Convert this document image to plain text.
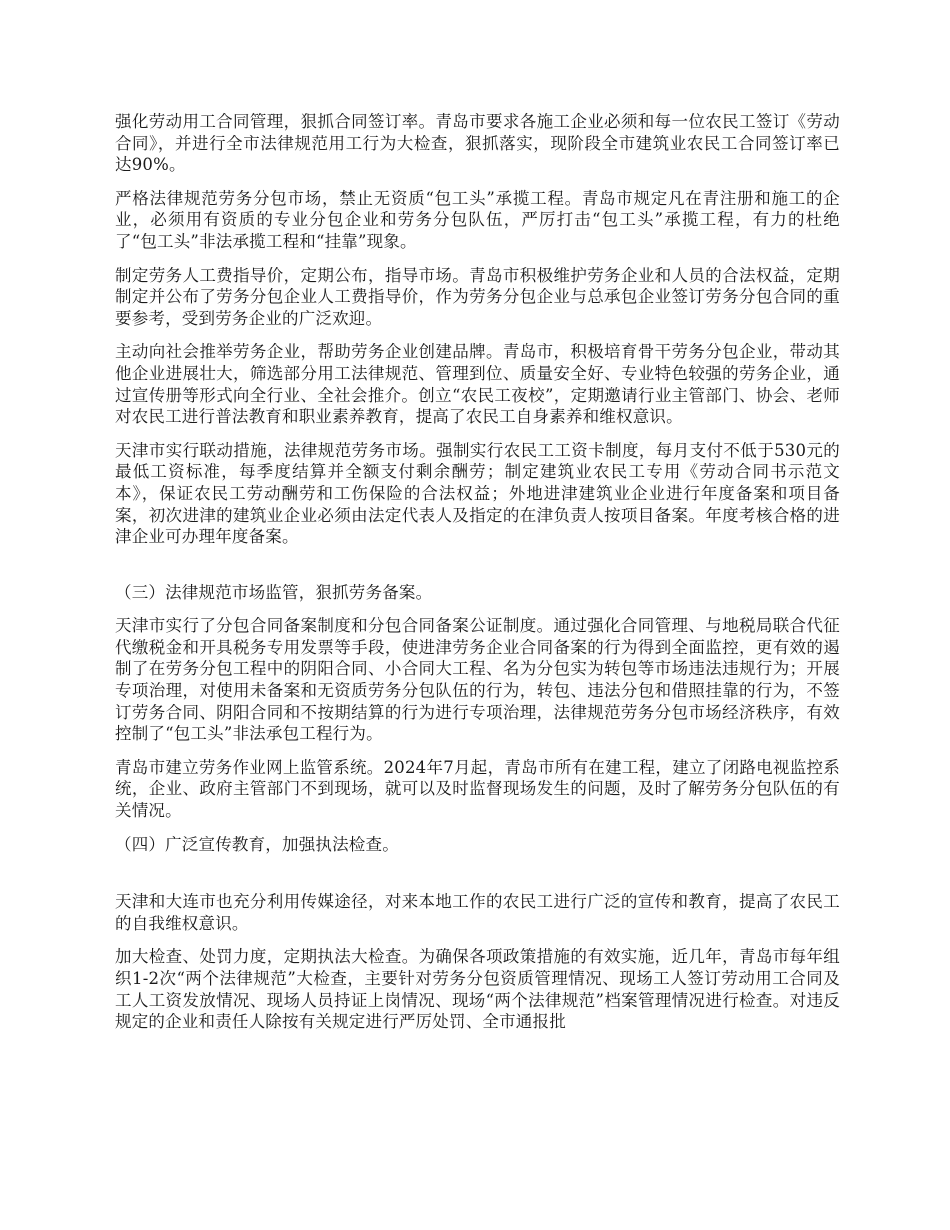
强化劳动用工合同管理，狠抓合同签订率。青岛市要求各施工企业必须和每一位农民工签订《劳动合同》，并进行全市法律规范用工行为大检查，狠抓落实，现阶段全市建筑业农民工合同签订率已达90%。

严格法律规范劳务分包市场，禁止无资质“包工头”承揽工程。青岛市规定凡在青注册和施工的企业，必须用有资质的专业分包企业和劳务分包队伍，严厉打击“包工头”承揽工程，有力的杜绝了“包工头”非法承揽工程和“挂靠”现象。

制定劳务人工费指导价，定期公布，指导市场。青岛市积极维护劳务企业和人员的合法权益，定期制定并公布了劳务分包企业人工费指导价，作为劳务分包企业与总承包企业签订劳务分包合同的重要参考，受到劳务企业的广泛欢迎。

主动向社会推举劳务企业，帮助劳务企业创建品牌。青岛市，积极培育骨干劳务分包企业，带动其他企业进展壮大，筛选部分用工法律规范、管理到位、质量安全好、专业特色较强的劳务企业，通过宣传册等形式向全行业、全社会推介。创立“农民工夜校”，定期邀请行业主管部门、协会、老师对农民工进行普法教育和职业素养教育，提高了农民工自身素养和维权意识。

天津市实行联动措施，法律规范劳务市场。强制实行农民工工资卡制度，每月支付不低于530元的最低工资标准，每季度结算并全额支付剩余酬劳；制定建筑业农民工专用《劳动合同书示范文本》，保证农民工劳动酬劳和工伤保险的合法权益；外地进津建筑业企业进行年度备案和项目备案，初次进津的建筑业企业必须由法定代表人及指定的在津负责人按项目备案。年度考核合格的进津企业可办理年度备案。

（三）法律规范市场监管，狠抓劳务备案。

天津市实行了分包合同备案制度和分包合同备案公证制度。通过强化合同管理、与地税局联合代征代缴税金和开具税务专用发票等手段，使进津劳务企业合同备案的行为得到全面监控，更有效的遏制了在劳务分包工程中的阴阳合同、小合同大工程、名为分包实为转包等市场违法违规行为；开展专项治理，对使用未备案和无资质劳务分包队伍的行为，转包、违法分包和借照挂靠的行为，不签订劳务合同、阴阳合同和不按期结算的行为进行专项治理，法律规范劳务分包市场经济秩序，有效控制了“包工头”非法承包工程行为。

青岛市建立劳务作业网上监管系统。2024年7月起，青岛市所有在建工程，建立了闭路电视监控系统，企业、政府主管部门不到现场，就可以及时监督现场发生的问题，及时了解劳务分包队伍的有关情况。

（四）广泛宣传教育，加强执法检查。

天津和大连市也充分利用传媒途径，对来本地工作的农民工进行广泛的宣传和教育，提高了农民工的自我维权意识。

加大检查、处罚力度，定期执法大检查。为确保各项政策措施的有效实施，近几年，青岛市每年组织1-2次“两个法律规范”大检查，主要针对劳务分包资质管理情况、现场工人签订劳动用工合同及工人工资发放情况、现场人员持证上岗情况、现场“两个法律规范”档案管理情况进行检查。对违反规定的企业和责任人除按有关规定进行严厉处罚、全市通报批
